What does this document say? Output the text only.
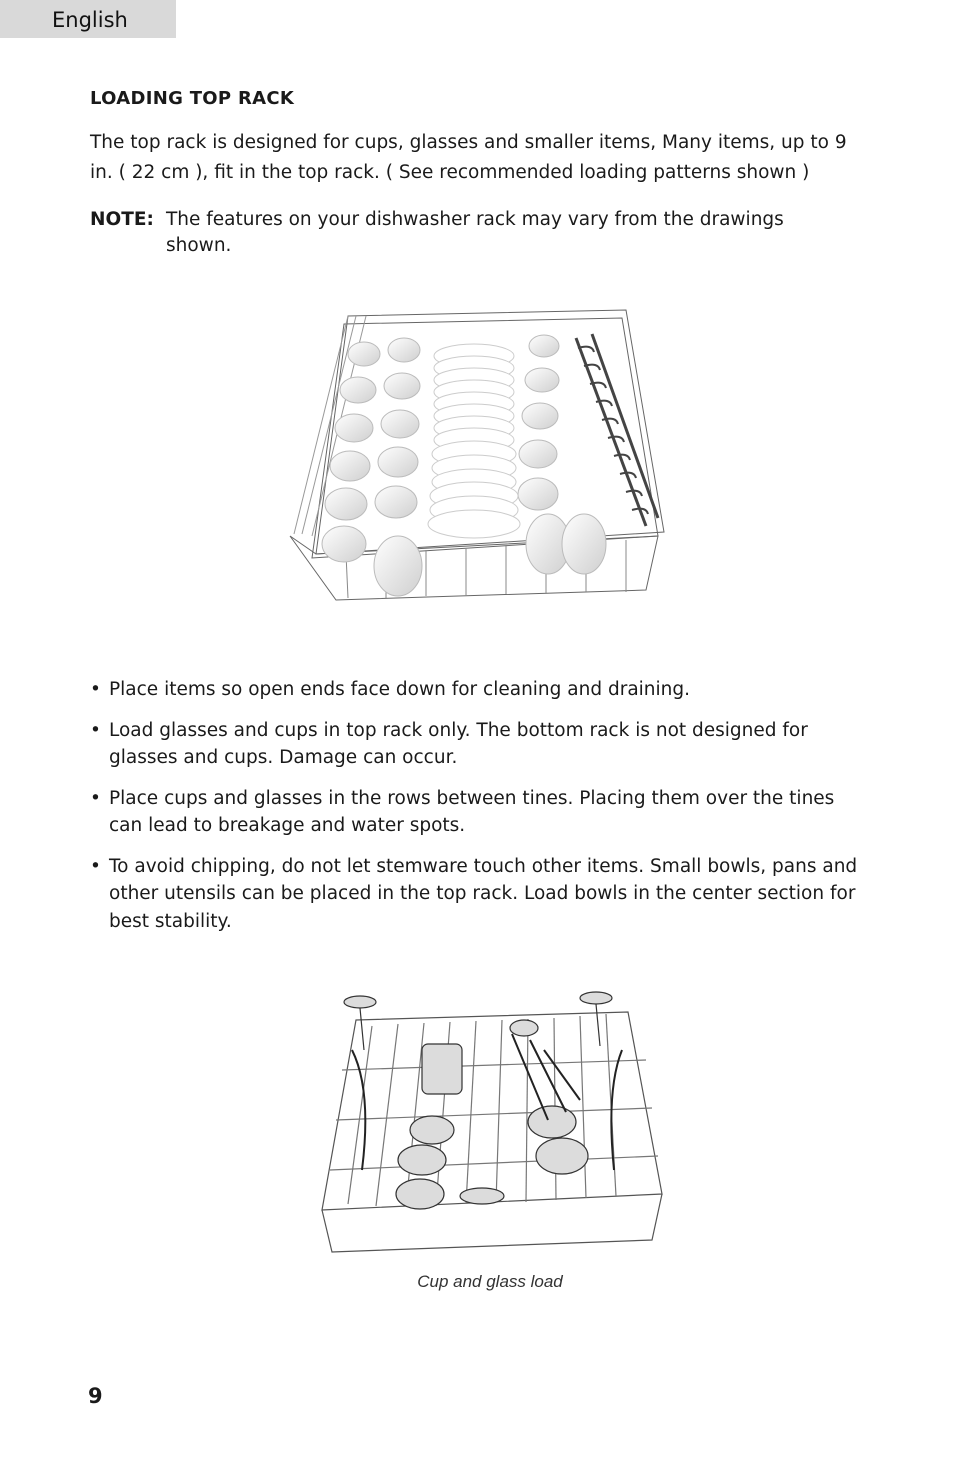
English
LOADING TOP RACK
The top rack is designed for cups, glasses and smaller items, Many items, up to 9 in. ( 22 cm ), fit in the top rack. ( See recommended loading patterns shown )
NOTE: The features on your dishwasher rack may vary from the drawings shown.
• Place items so open ends face down for cleaning and draining.
• Load glasses and cups in top rack only. The bottom rack is not designed for glasses and cups. Damage can occur.
• Place cups and glasses in the rows between tines. Placing them over the tines can lead to breakage and water spots.
• To avoid chipping, do not let stemware touch other items. Small bowls, pans and other utensils can be placed in the top rack. Load bowls in the center section for best stability.
Cup and glass load
9
